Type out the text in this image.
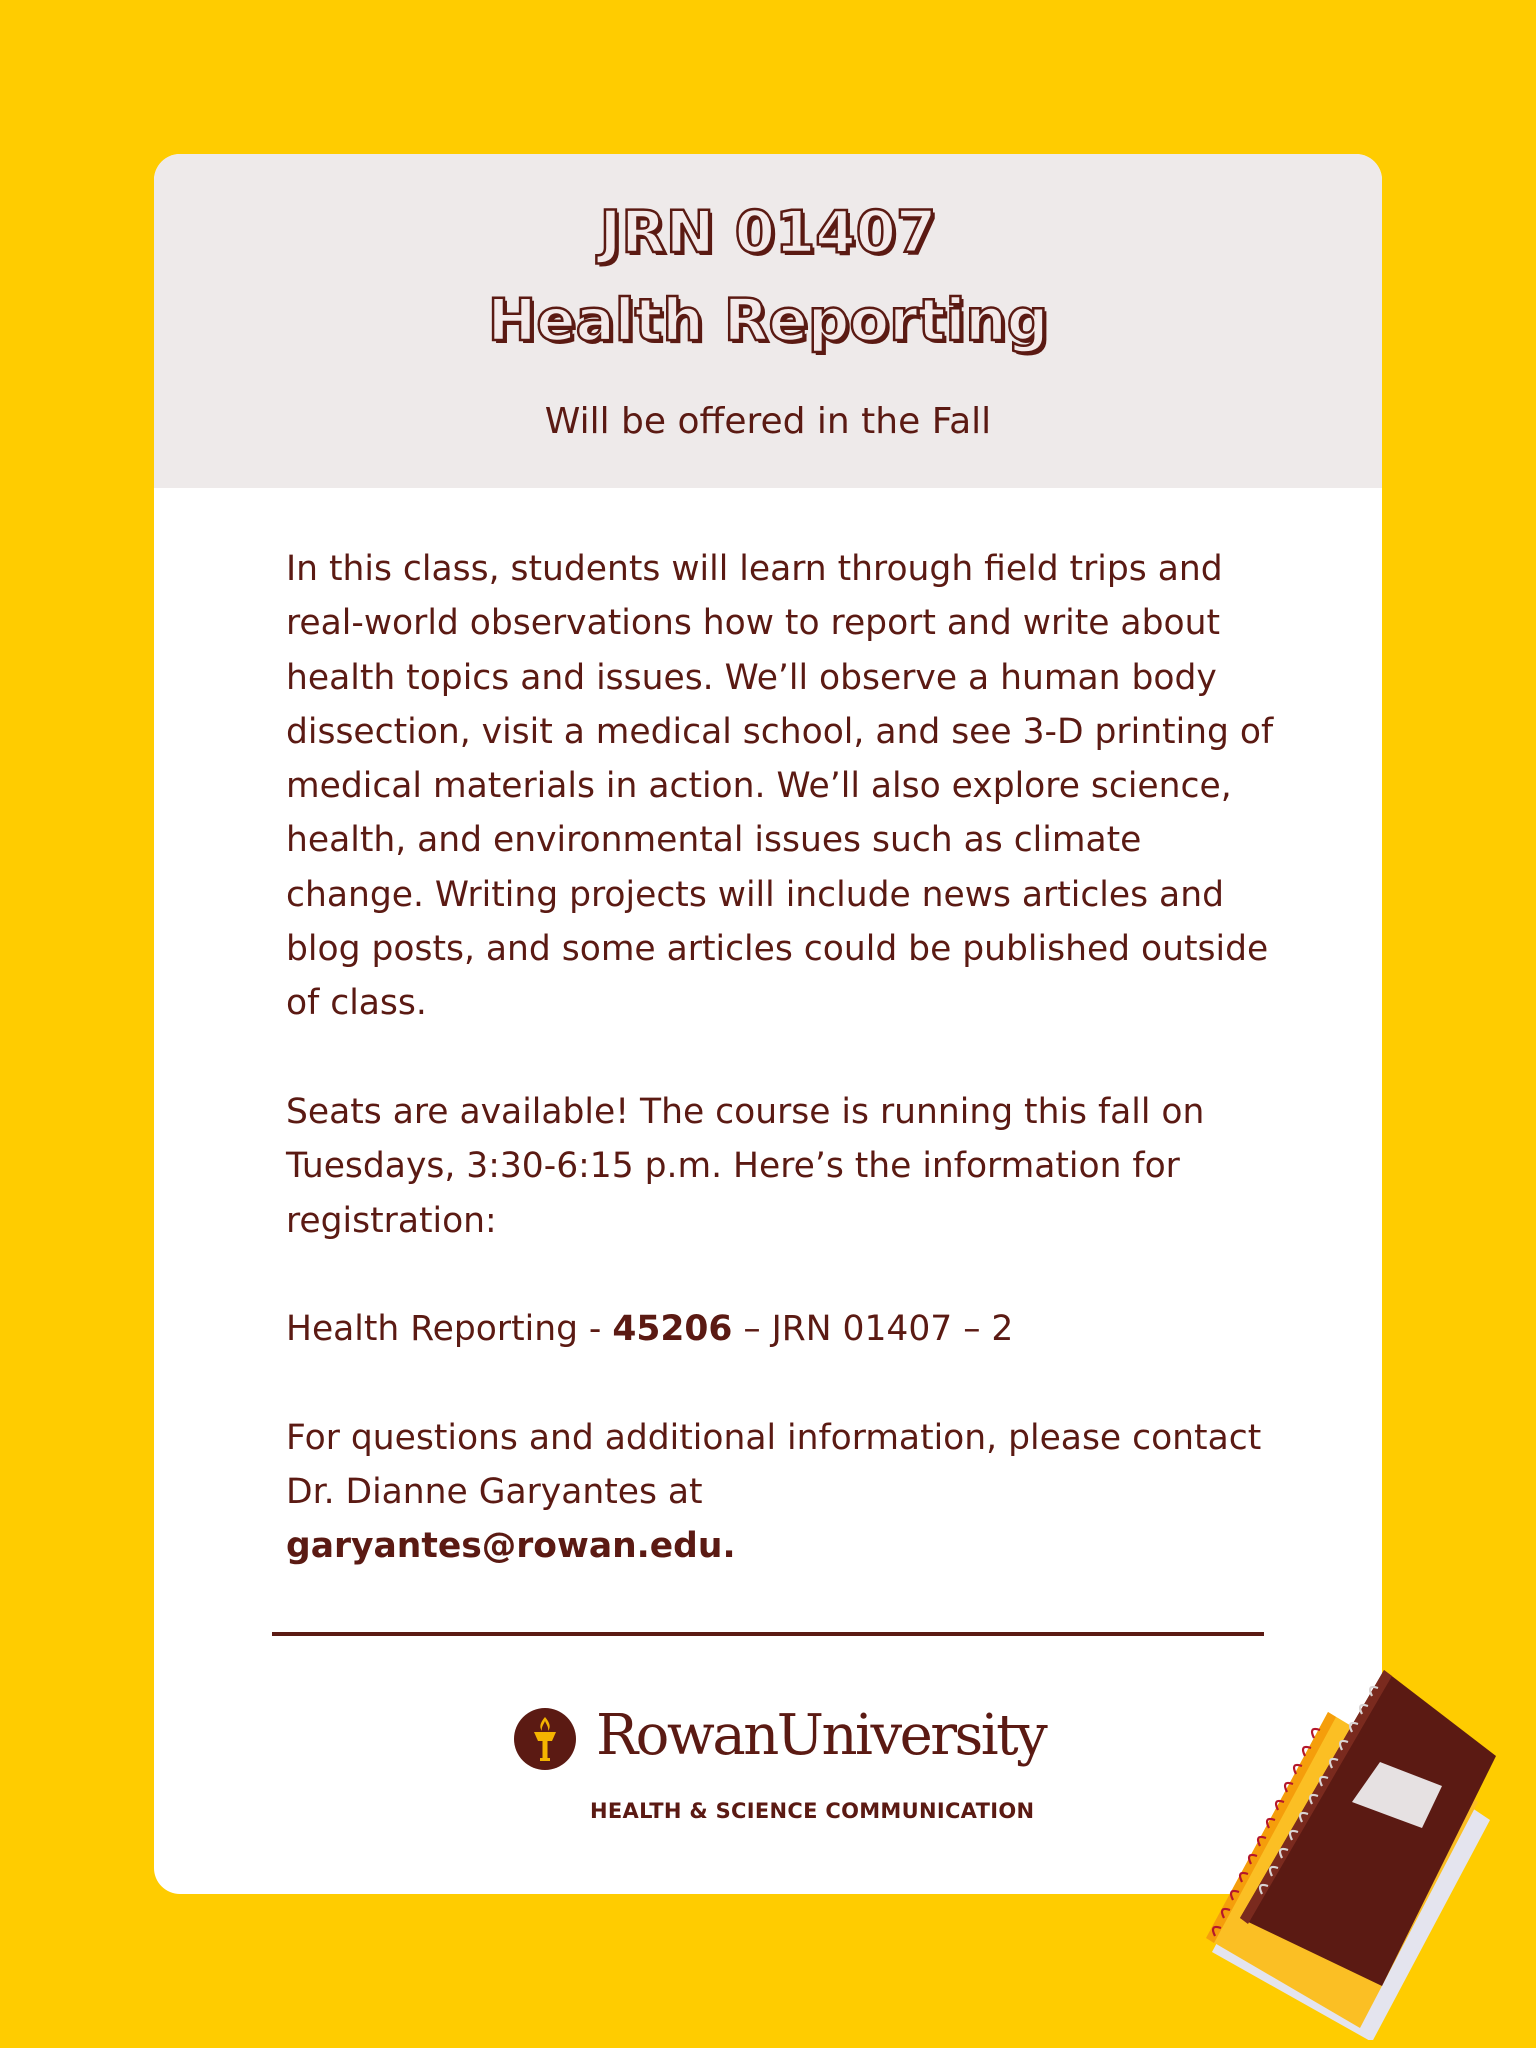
JRN 01407
Health Reporting

Will be offered in the Fall

In this class, students will learn through field trips and real-world observations how to report and write about health topics and issues. We’ll observe a human body dissection, visit a medical school, and see 3-D printing of medical materials in action. We’ll also explore science, health, and environmental issues such as climate change. Writing projects will include news articles and blog posts, and some articles could be published outside of class.

Seats are available! The course is running this fall on Tuesdays, 3:30-6:15 p.m. Here’s the information for registration:

Health Reporting - 45206 – JRN 01407 – 2

For questions and additional information, please contact Dr. Dianne Garyantes at
garyantes@rowan.edu.

RowanUniversity
HEALTH & SCIENCE COMMUNICATION
